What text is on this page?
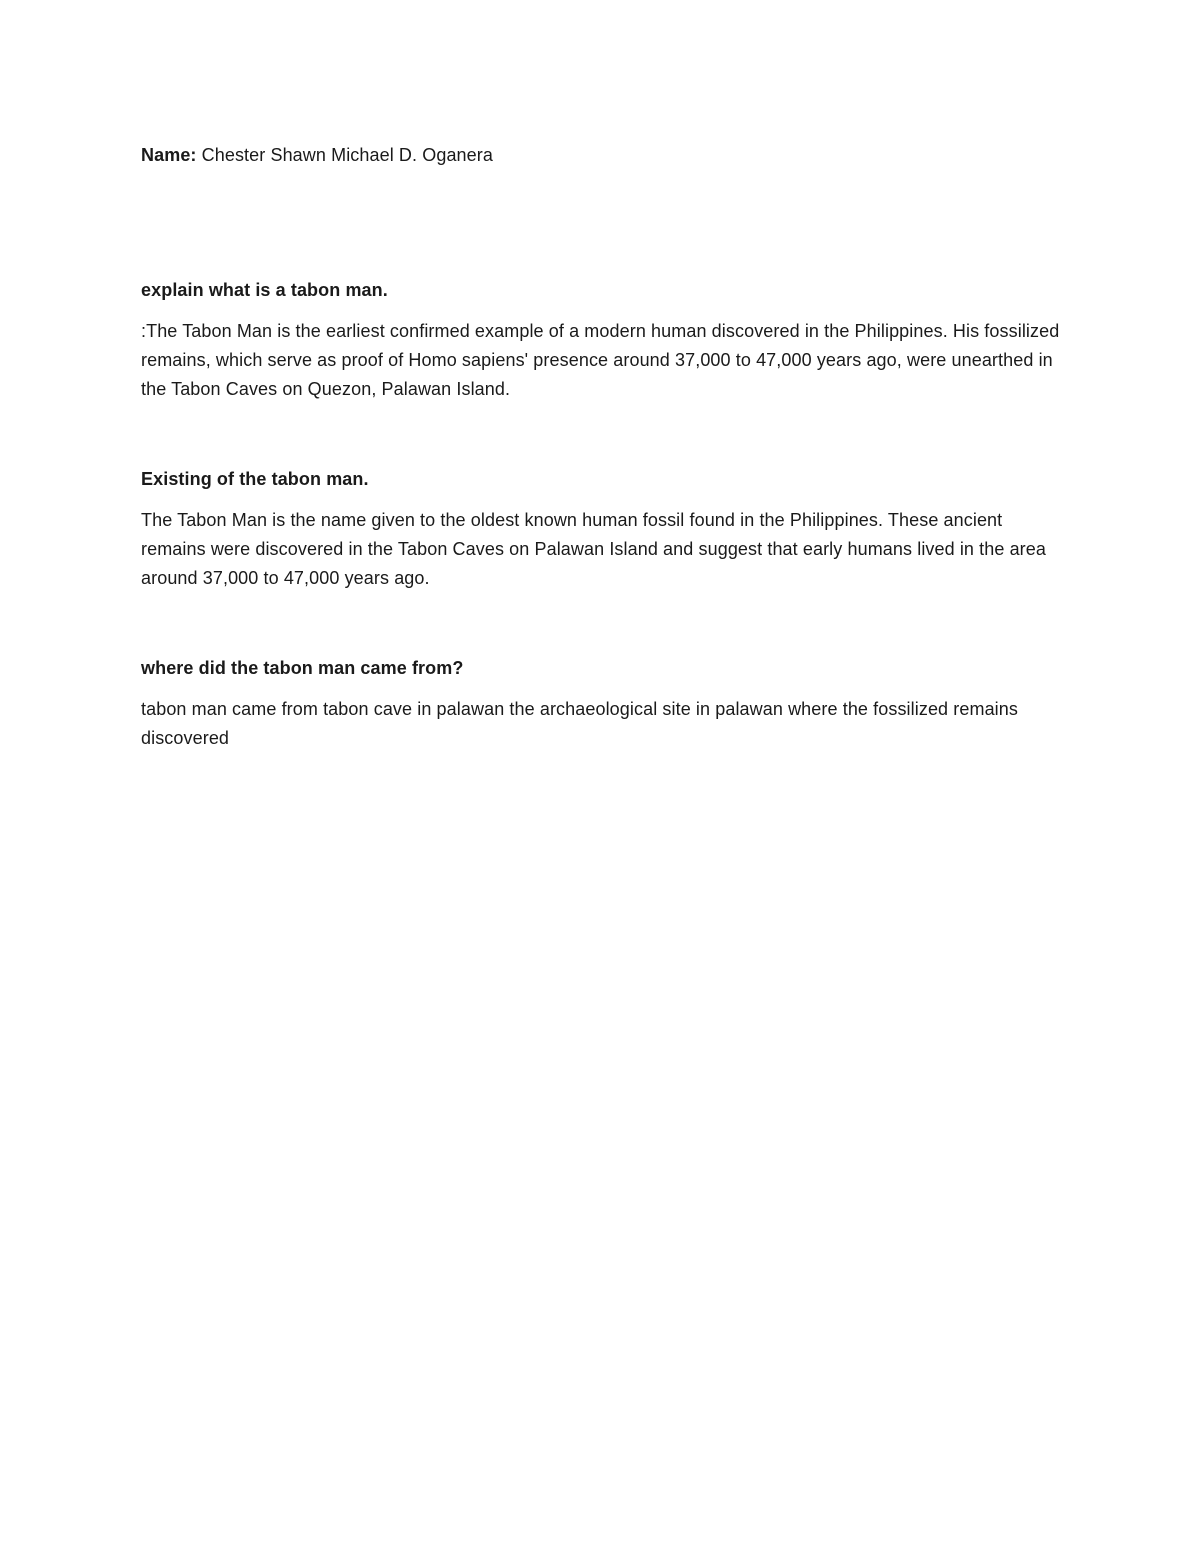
Name: Chester Shawn Michael D. Oganera

explain what is a tabon man.

:The Tabon Man is the earliest confirmed example of a modern human discovered in the Philippines. His fossilized remains, which serve as proof of Homo sapiens' presence around 37,000 to 47,000 years ago, were unearthed in the Tabon Caves on Quezon, Palawan Island.

Existing of the tabon man.

The Tabon Man is the name given to the oldest known human fossil found in the Philippines. These ancient remains were discovered in the Tabon Caves on Palawan Island and suggest that early humans lived in the area around 37,000 to 47,000 years ago.

where did the tabon man came from?

tabon man came from tabon cave in palawan the archaeological site in palawan where the fossilized remains discovered
